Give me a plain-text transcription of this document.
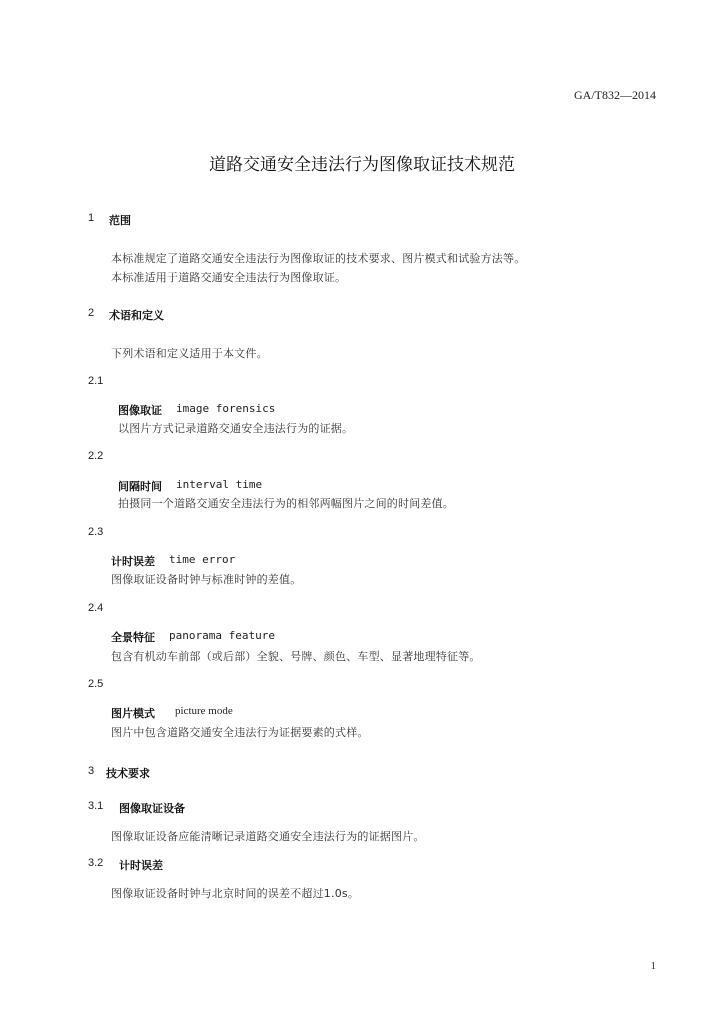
GA/T832—2014
道路交通安全违法行为图像取证技术规范
1 范围
本标准规定了道路交通安全违法行为图像取证的技术要求、图片模式和试验方法等。
本标准适用于道路交通安全违法行为图像取证。
2 术语和定义
下列术语和定义适用于本文件。
2.1
图像取证 image forensics
以图片方式记录道路交通安全违法行为的证据。
2.2
间隔时间 interval time
拍摄同一个道路交通安全违法行为的相邻两幅图片之间的时间差值。
2.3
计时误差 time error
图像取证设备时钟与标准时钟的差值。
2.4
全景特征 panorama feature
包含有机动车前部（或后部）全貌、号牌、颜色、车型、显著地理特征等。
2.5
图片模式 picture mode
图片中包含道路交通安全违法行为证据要素的式样。
3 技术要求
3.1 图像取证设备
图像取证设备应能清晰记录道路交通安全违法行为的证据图片。
3.2 计时误差
图像取证设备时钟与北京时间的误差不超过1.0s。
1
